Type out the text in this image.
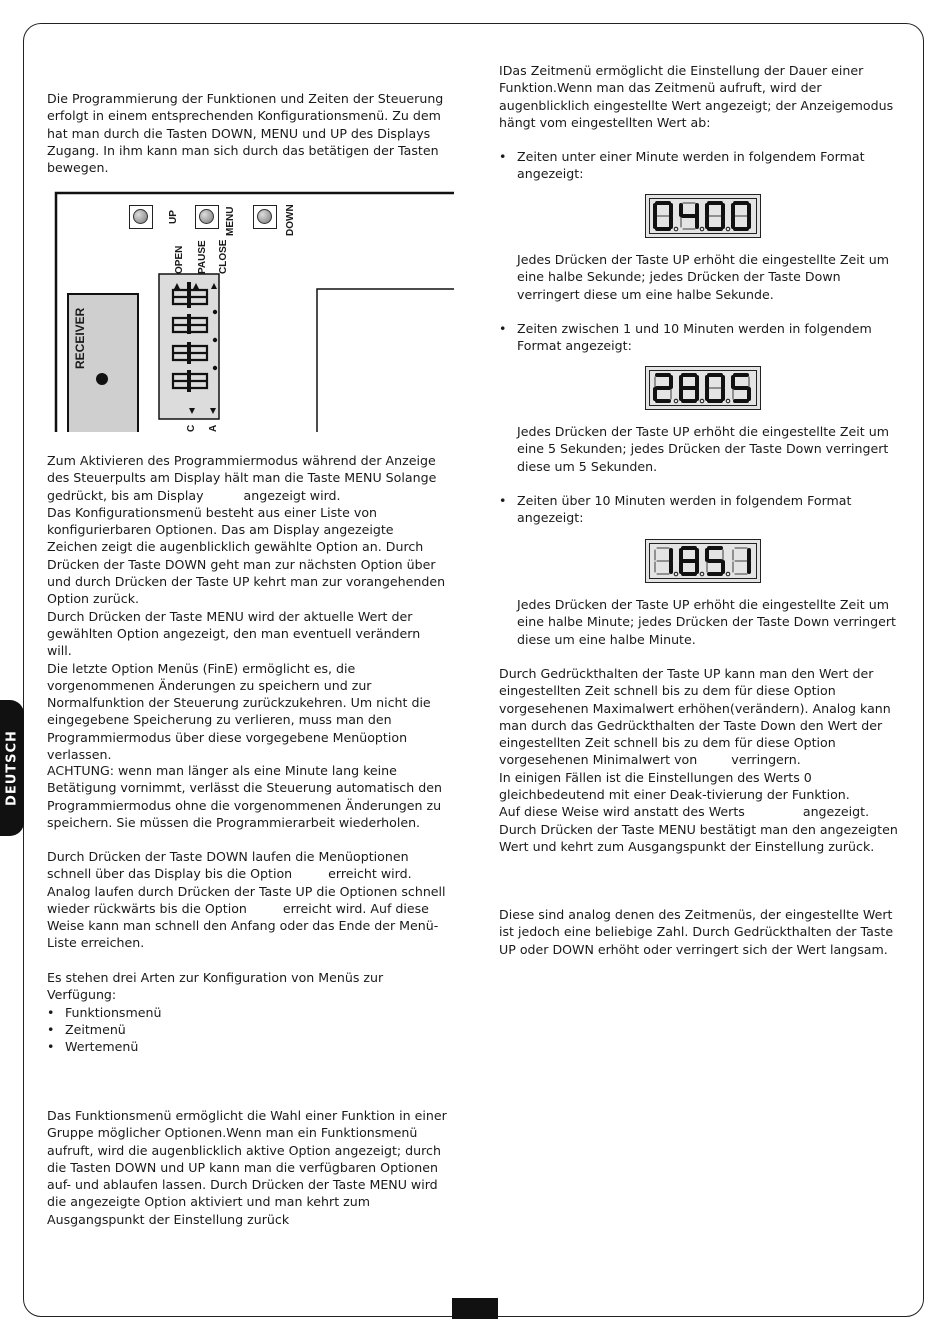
DEUTSCH

Die Programmierung der Funktionen und Zeiten der Steuerung erfolgt in einem entsprechenden Konfigurationsmenü. Zu dem hat man durch die Tasten DOWN, MENU und UP des Displays Zugang. In ihm kann man sich durch das betätigen der Tasten bewegen.

UP	MENU	DOWN
OPEN PAUSE CLOSE
RECEIVER
C A

Zum Aktivieren des Programmiermodus während der Anzeige des Steuerpults am Display hält man die Taste MENU Solange gedrückt, bis am Display	angezeigt wird.

Das Konfigurationsmenü besteht aus einer Liste von konfigurierbaren Optionen. Das am Display angezeigte Zeichen zeigt die augenblicklich gewählte Option an. Durch Drücken der Taste DOWN geht man zur nächsten Option über und durch Drücken der Taste UP kehrt man zur vorangehenden Option zurück.

Durch Drücken der Taste MENU wird der aktuelle Wert der gewählten Option angezeigt, den man eventuell verändern will.

Die letzte Option Menüs (FinE) ermöglicht es, die vorgenommenen Änderungen zu speichern und zur Normalfunktion der Steuerung zurückzukehren. Um nicht die eingegebene Speicherung zu verlieren, muss man den Programmiermodus über diese vorgegebene Menüoption verlassen.

ACHTUNG: wenn man länger als eine Minute lang keine Betätigung vornimmt, verlässt die Steuerung automatisch den Programmiermodus ohne die vorgenommenen Änderungen zu speichern. Sie müssen die Programmierarbeit wiederholen.

Durch Drücken der Taste DOWN laufen die Menüoptionen schnell über das Display bis die Option	erreicht wird. Analog laufen durch Drücken der Taste UP die Optionen schnell wieder rückwärts bis die Option	erreicht wird. Auf diese Weise kann man schnell den Anfang oder das Ende der Menü-Liste erreichen.

Es stehen drei Arten zur Konfiguration von Menüs zur Verfügung:

• Funktionsmenü
• Zeitmenü
• Wertemenü

Das Funktionsmenü ermöglicht die Wahl einer Funktion in einer Gruppe möglicher Optionen.Wenn man ein Funktionsmenü aufruft, wird die augenblicklich aktive Option angezeigt; durch die Tasten DOWN und UP kann man die verfügbaren Optionen auf- und ablaufen lassen. Durch Drücken der Taste MENU wird die angezeigte Option aktiviert und man kehrt zum Ausgangspunkt der Einstellung zurück

IDas Zeitmenü ermöglicht die Einstellung der Dauer einer Funktion.Wenn man das Zeitmenü aufruft, wird der augenblicklich eingestellte Wert angezeigt; der Anzeigemodus hängt vom eingestellten Wert ab:

• Zeiten unter einer Minute werden in folgendem Format angezeigt:

Jedes Drücken der Taste UP erhöht die eingestellte Zeit um eine halbe Sekunde; jedes Drücken der Taste Down verringert diese um eine halbe Sekunde.

• Zeiten zwischen 1 und 10 Minuten werden in folgendem Format angezeigt:

Jedes Drücken der Taste UP erhöht die eingestellte Zeit um eine 5 Sekunden; jedes Drücken der Taste Down verringert diese um 5 Sekunden.

• Zeiten über 10 Minuten werden in folgendem Format angezeigt:

Jedes Drücken der Taste UP erhöht die eingestellte Zeit um eine halbe Minute; jedes Drücken der Taste Down verringert diese um eine halbe Minute.

Durch Gedrückthalten der Taste UP kann man den Wert der eingestellten Zeit schnell bis zu dem für diese Option vorgesehenen Maximalwert erhöhen(verändern). Analog kann man durch das Gedrückthalten der Taste Down den Wert der eingestellten Zeit schnell bis zu dem für diese Option vorgesehenen Minimalwert von	verringern.

In einigen Fällen ist die Einstellungen des Werts 0 gleichbedeutend mit einer Deak-tivierung der Funktion.

Auf diese Weise wird anstatt des Werts	angezeigt.

Durch Drücken der Taste MENU bestätigt man den angezeigten Wert und kehrt zum Ausgangspunkt der Einstellung zurück.

Diese sind analog denen des Zeitmenüs, der eingestellte Wert ist jedoch eine beliebige Zahl. Durch Gedrückthalten der Taste UP oder DOWN erhöht oder verringert sich der Wert langsam.
